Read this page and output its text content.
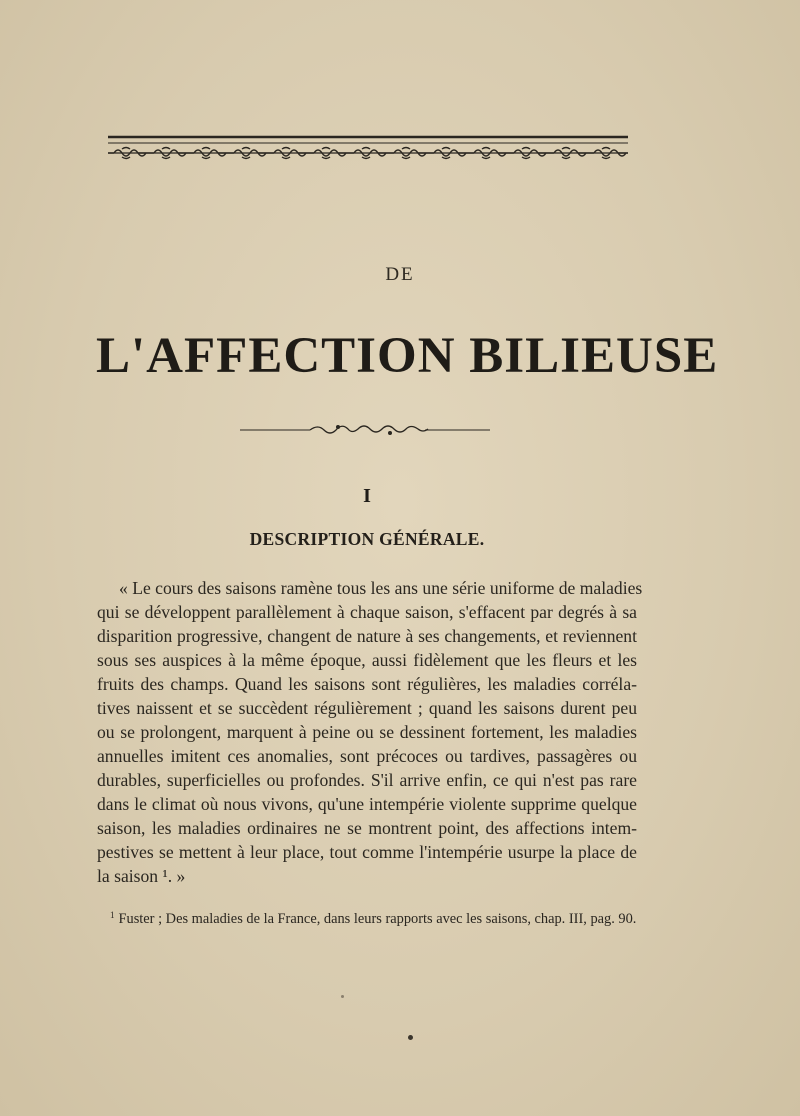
DE
L'AFFECTION BILIEUSE
I
DESCRIPTION GÉNÉRALE.
« Le cours des saisons ramène tous les ans une série uniforme de maladies
qui se développent parallèlement à chaque saison, s'effacent par degrés à sa
disparition progressive, changent de nature à ses changements, et reviennent
sous ses auspices à la même époque, aussi fidèlement que les fleurs et les
fruits des champs. Quand les saisons sont régulières, les maladies corréla-
tives naissent et se succèdent régulièrement ; quand les saisons durent peu
ou se prolongent, marquent à peine ou se dessinent fortement, les maladies
annuelles imitent ces anomalies, sont précoces ou tardives, passagères ou
durables, superficielles ou profondes. S'il arrive enfin, ce qui n'est pas rare
dans le climat où nous vivons, qu'une intempérie violente supprime quelque
saison, les maladies ordinaires ne se montrent point, des affections intem-
pestives se mettent à leur place, tout comme l'intempérie usurpe la place de
la saison ¹. »
$^1$ Fuster ; Des maladies de la France, dans leurs rapports avec les saisons, chap. III, pag. 90.
